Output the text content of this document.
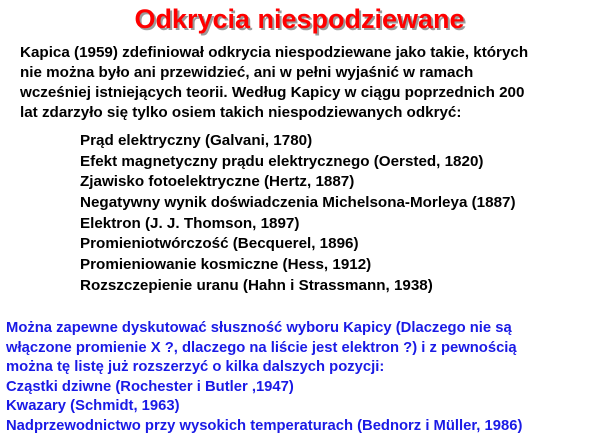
Odkrycia niespodziewane

Kapica (1959) zdefiniował odkrycia niespodziewane jako takie, których
nie można było ani przewidzieć, ani w pełni wyjaśnić w ramach
wcześniej istniejących teorii. Według Kapicy w ciągu poprzednich 200
lat zdarzyło się tylko osiem takich niespodziewanych odkryć:

Prąd elektryczny (Galvani, 1780)
Efekt magnetyczny prądu elektrycznego (Oersted, 1820)
Zjawisko fotoelektryczne (Hertz, 1887)
Negatywny wynik doświadczenia Michelsona-Morleya (1887)
Elektron (J. J. Thomson, 1897)
Promieniotwórczość (Becquerel, 1896)
Promieniowanie kosmiczne (Hess, 1912)
Rozszczepienie uranu (Hahn i Strassmann, 1938)

Można zapewne dyskutować słuszność wyboru Kapicy (Dlaczego nie są
włączone promienie X ?, dlaczego na liście jest elektron ?) i z pewnością
można tę listę już rozszerzyć o kilka dalszych pozycji:
Cząstki dziwne (Rochester i Butler ,1947)
Kwazary (Schmidt, 1963)
Nadprzewodnictwo przy wysokich temperaturach (Bednorz i Müller, 1986)
